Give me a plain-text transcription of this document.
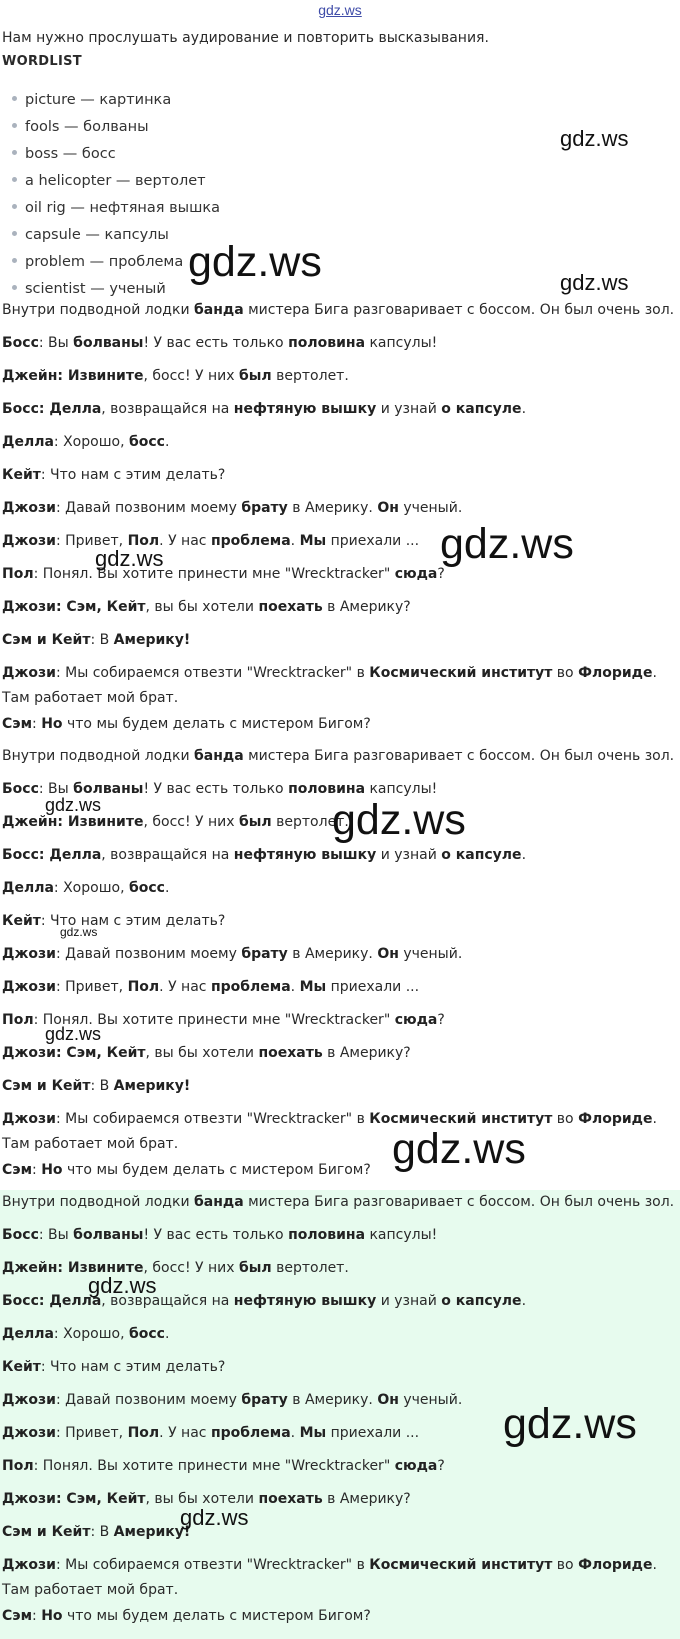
gdz.ws
Нам нужно прослушать аудирование и повторить высказывания.
WORDLIST
picture — картинка
fools — болваны
boss — босс
a helicopter — вертолет
oil rig — нефтяная вышка
capsule — капсулы
problem — проблема
scientist — ученый
Внутри подводной лодки банда мистера Бига разговаривает с боссом. Он был очень зол.
Босс: Вы болваны! У вас есть только половина капсулы!
Джейн: Извините, босс! У них был вертолет.
Босс: Делла, возвращайся на нефтяную вышку и узнай о капсуле.
Делла: Хорошо, босс.
Кейт: Что нам с этим делать?
Джози: Давай позвоним моему брату в Америку. Он ученый.
Джози: Привет, Пол. У нас проблема. Мы приехали ...
Пол: Понял. Вы хотите принести мне "Wrecktracker" сюда?
Джози: Сэм, Кейт, вы бы хотели поехать в Америку?
Сэм и Кейт: В Америку!
Джози: Мы собираемся отвезти "Wrecktracker" в Космический институт во Флориде. Там работает мой брат.
Сэм: Но что мы будем делать с мистером Бигом?
Внутри подводной лодки банда мистера Бига разговаривает с боссом. Он был очень зол.
Босс: Вы болваны! У вас есть только половина капсулы!
Джейн: Извините, босс! У них был вертолет.
Босс: Делла, возвращайся на нефтяную вышку и узнай о капсуле.
Делла: Хорошо, босс.
Кейт: Что нам с этим делать?
Джози: Давай позвоним моему брату в Америку. Он ученый.
Джози: Привет, Пол. У нас проблема. Мы приехали ...
Пол: Понял. Вы хотите принести мне "Wrecktracker" сюда?
Джози: Сэм, Кейт, вы бы хотели поехать в Америку?
Сэм и Кейт: В Америку!
Джози: Мы собираемся отвезти "Wrecktracker" в Космический институт во Флориде. Там работает мой брат.
Сэм: Но что мы будем делать с мистером Бигом?
Внутри подводной лодки банда мистера Бига разговаривает с боссом. Он был очень зол.
Босс: Вы болваны! У вас есть только половина капсулы!
Джейн: Извините, босс! У них был вертолет.
Босс: Делла, возвращайся на нефтяную вышку и узнай о капсуле.
Делла: Хорошо, босс.
Кейт: Что нам с этим делать?
Джози: Давай позвоним моему брату в Америку. Он ученый.
Джози: Привет, Пол. У нас проблема. Мы приехали ...
Пол: Понял. Вы хотите принести мне "Wrecktracker" сюда?
Джози: Сэм, Кейт, вы бы хотели поехать в Америку?
Сэм и Кейт: В Америку!
Джози: Мы собираемся отвезти "Wrecktracker" в Космический институт во Флориде. Там работает мой брат.
Сэм: Но что мы будем делать с мистером Бигом?
gdz.ws
gdz.ws	gdz.ws
gdz.ws
gdz.ws
gdz.ws	gdz.ws
gdz.ws
gdz.ws
gdz.ws
gdz.ws
gdz.ws
gdz.ws
